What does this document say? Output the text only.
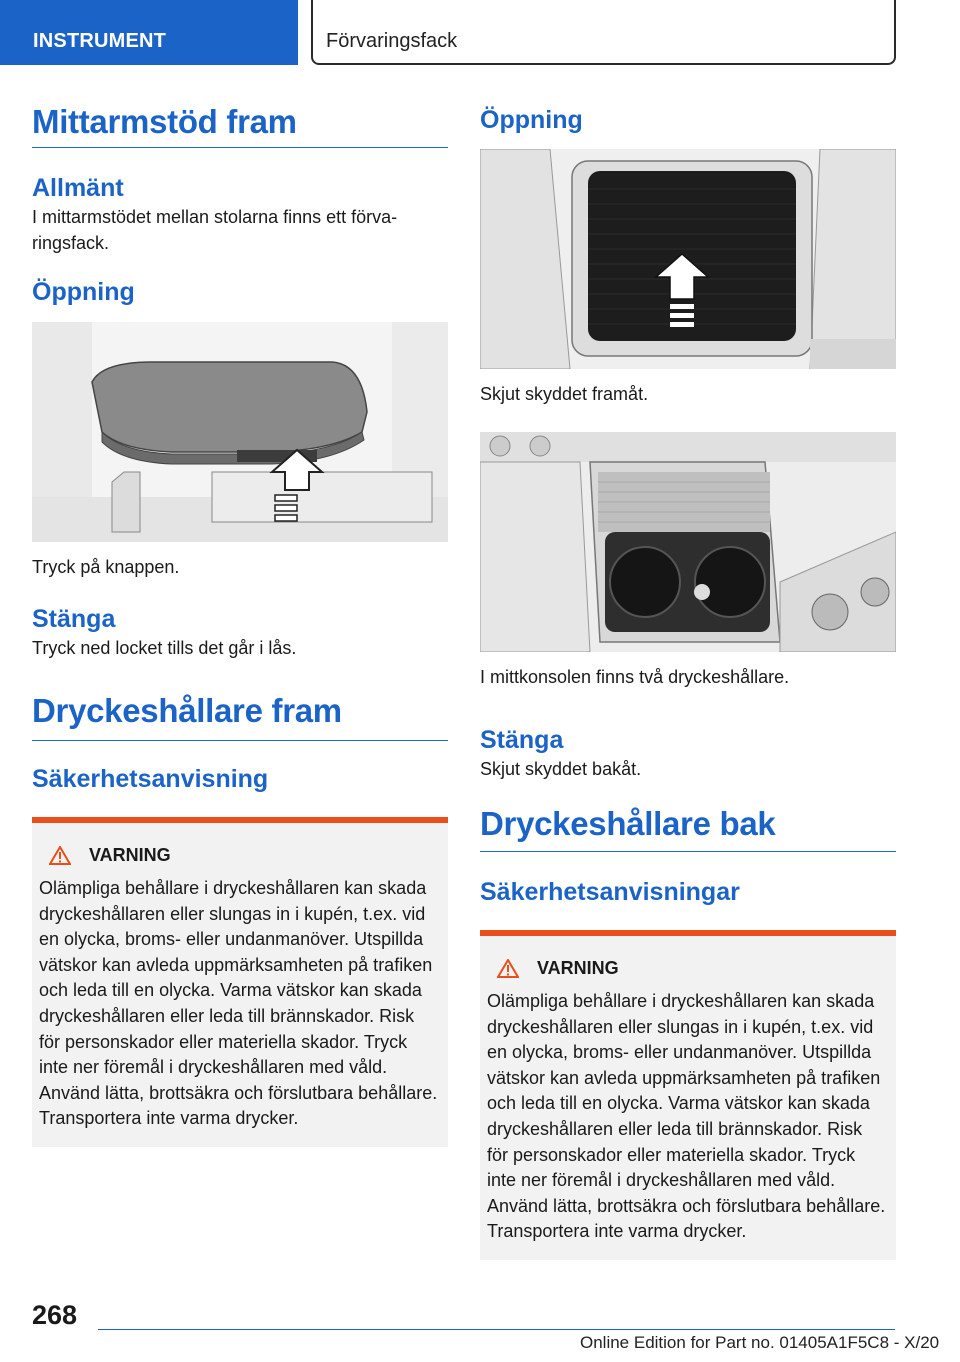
INSTRUMENT	Förvaringsfack
Mittarmstöd fram
Allmänt
I mittarmstödet mellan stolarna finns ett förvaringsfack.
Öppning
Tryck på knappen.
Stänga
Tryck ned locket tills det går i lås.
Dryckeshållare fram
Säkerhetsanvisning
VARNING
Olämpliga behållare i dryckeshållaren kan skada dryckeshållaren eller slungas in i kupén, t.ex. vid en olycka, broms- eller undanmanöver. Utspillda vätskor kan avleda uppmärksamheten på trafiken och leda till en olycka. Varma vätskor kan skada dryckeshållaren eller leda till brännskador. Risk för personskador eller materiella skador. Tryck inte ner föremål i dryckeshållaren med våld. Använd lätta, brottsäkra och förslutbara behållare. Transportera inte varma drycker.
Öppning
Skjut skyddet framåt.
I mittkonsolen finns två dryckeshållare.
Stänga
Skjut skyddet bakåt.
Dryckeshållare bak
Säkerhetsanvisningar
VARNING
Olämpliga behållare i dryckeshållaren kan skada dryckeshållaren eller slungas in i kupén, t.ex. vid en olycka, broms- eller undanmanöver. Utspillda vätskor kan avleda uppmärksamheten på trafiken och leda till en olycka. Varma vätskor kan skada dryckeshållaren eller leda till brännskador. Risk för personskador eller materiella skador. Tryck inte ner föremål i dryckeshållaren med våld. Använd lätta, brottsäkra och förslutbara behållare. Transportera inte varma drycker.
268
Online Edition for Part no. 01405A1F5C8 - X/20
